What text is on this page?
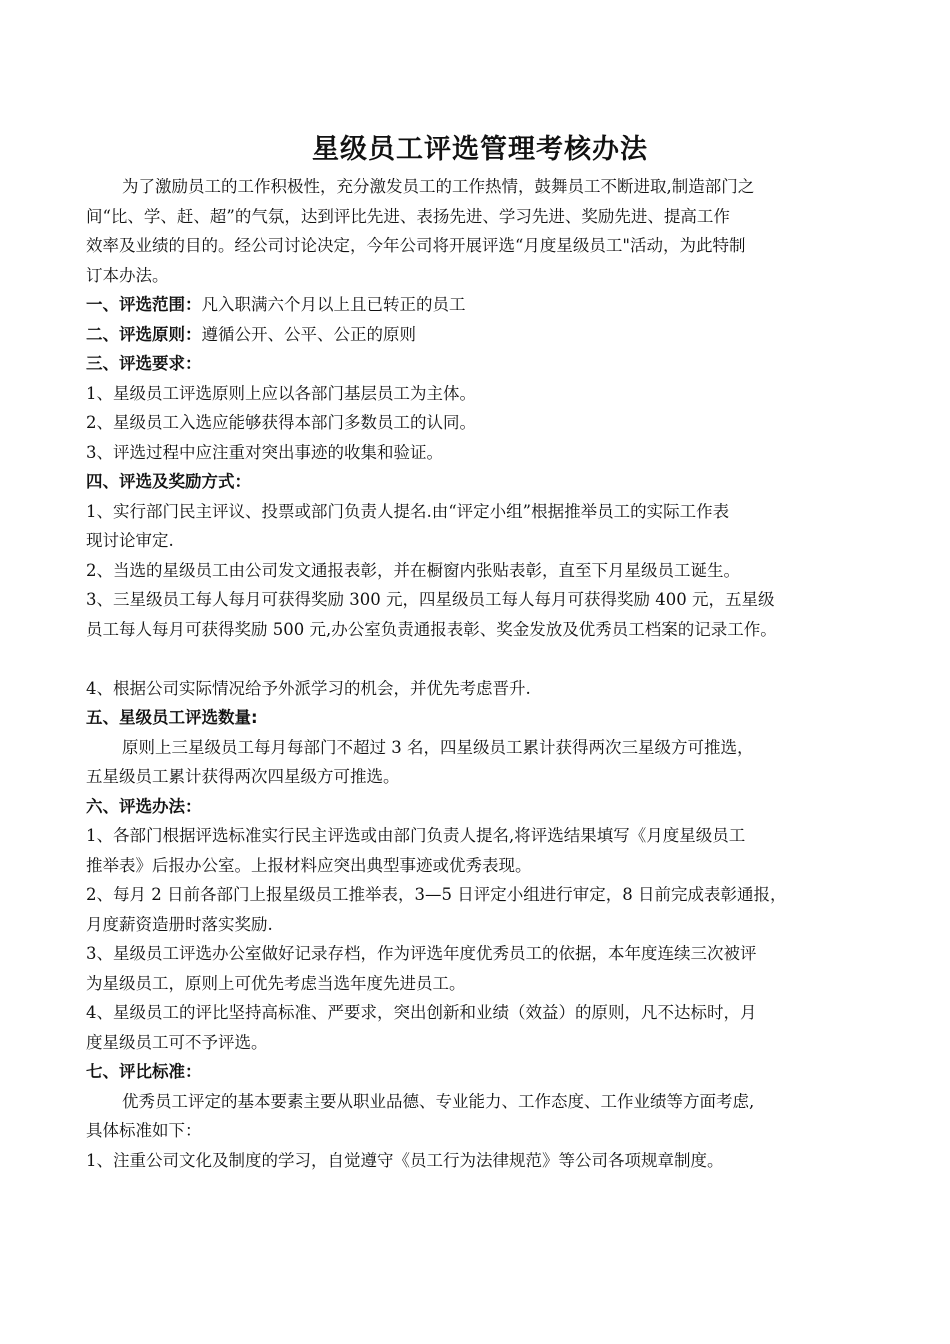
星级员工评选管理考核办法

为了激励员工的工作积极性，充分激发员工的工作热情，鼓舞员工不断进取,制造部门之

间“比、学、赶、超”的气氛，达到评比先进、表扬先进、学习先进、奖励先进、提高工作

效率及业绩的目的。经公司讨论决定，今年公司将开展评选“月度星级员工"活动，为此特制

订本办法。

一、评选范围：凡入职满六个月以上且已转正的员工

二、评选原则：遵循公开、公平、公正的原则

三、评选要求：

1、星级员工评选原则上应以各部门基层员工为主体。

2、星级员工入选应能够获得本部门多数员工的认同。

3、评选过程中应注重对突出事迹的收集和验证。

四、评选及奖励方式：

1、实行部门民主评议、投票或部门负责人提名.由“评定小组”根据推举员工的实际工作表

现讨论审定.

2、当选的星级员工由公司发文通报表彰，并在橱窗内张贴表彰，直至下月星级员工诞生。

3、三星级员工每人每月可获得奖励 300 元，四星级员工每人每月可获得奖励 400 元，五星级

员工每人每月可获得奖励 500 元,办公室负责通报表彰、奖金发放及优秀员工档案的记录工作。

4、根据公司实际情况给予外派学习的机会，并优先考虑晋升.

五、星级员工评选数量:

原则上三星级员工每月每部门不超过 3 名，四星级员工累计获得两次三星级方可推选，

五星级员工累计获得两次四星级方可推选。

六、评选办法：

1、各部门根据评选标准实行民主评选或由部门负责人提名,将评选结果填写《月度星级员工

推举表》后报办公室。上报材料应突出典型事迹或优秀表现。

2、每月 2 日前各部门上报星级员工推举表，3—5 日评定小组进行审定，8 日前完成表彰通报，

月度薪资造册时落实奖励.

3、星级员工评选办公室做好记录存档，作为评选年度优秀员工的依据，本年度连续三次被评

为星级员工，原则上可优先考虑当选年度先进员工。

4、星级员工的评比坚持高标准、严要求，突出创新和业绩（效益）的原则，凡不达标时，月

度星级员工可不予评选。

七、评比标准：

优秀员工评定的基本要素主要从职业品德、专业能力、工作态度、工作业绩等方面考虑,

具体标准如下：

1、注重公司文化及制度的学习，自觉遵守《员工行为法律规范》等公司各项规章制度。
